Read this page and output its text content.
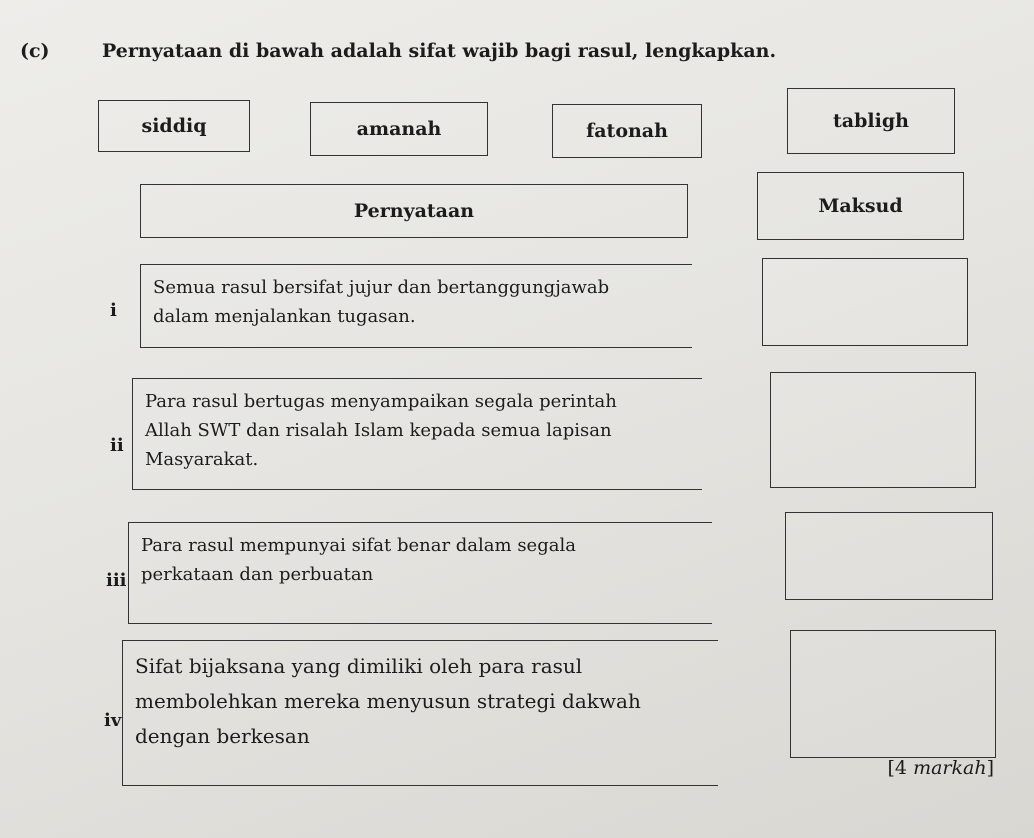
(c)	Pernyataan di bawah adalah sifat wajib bagi rasul, lengkapkan.
siddiq	amanah	fatonah	tabligh
Pernyataan	Maksud
i
Semua rasul bersifat jujur dan bertanggungjawab
dalam menjalankan tugasan.
ii
Para rasul bertugas menyampaikan segala perintah
Allah SWT dan risalah Islam kepada semua lapisan
Masyarakat.
iii
Para rasul mempunyai sifat benar dalam segala
perkataan dan perbuatan
iv
Sifat bijaksana yang dimiliki oleh para rasul
membolehkan mereka menyusun strategi dakwah
dengan berkesan
[4 markah]
